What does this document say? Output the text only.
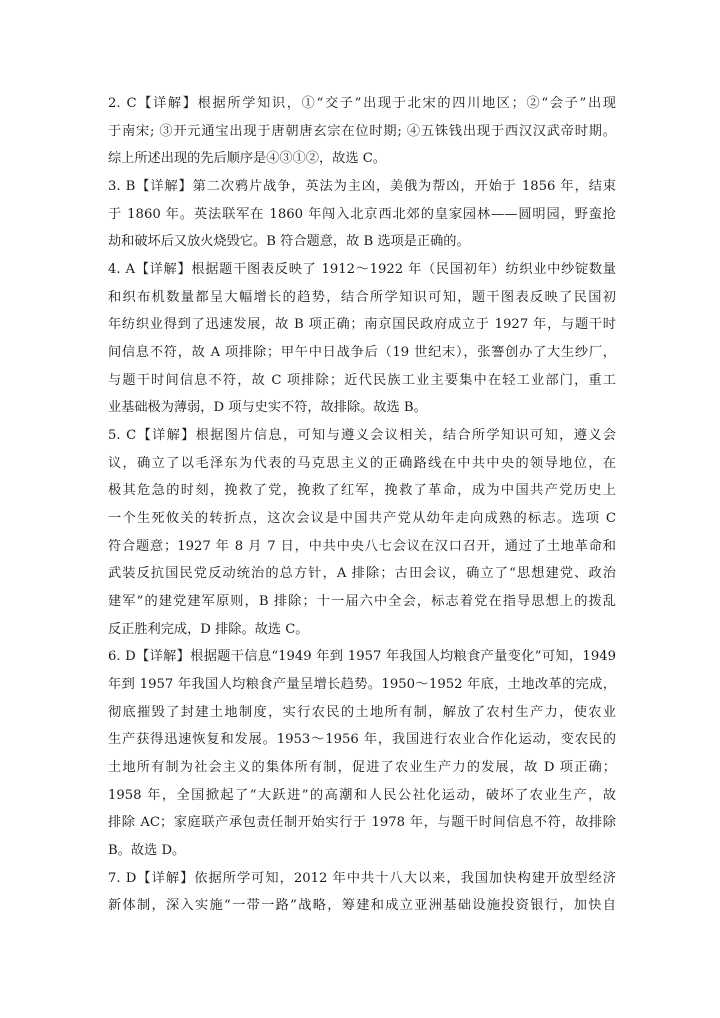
2. C【详解】根据所学知识，①“交子”出现于北宋的四川地区；②“会子”出现
于南宋; ③开元通宝出现于唐朝唐玄宗在位时期; ④五铢钱出现于西汉汉武帝时期。
综上所述出现的先后顺序是④③①②，故选 C。
3. B【详解】第二次鸦片战争，英法为主凶，美俄为帮凶，开始于 1856 年，结束
于 1860 年。英法联军在 1860 年闯入北京西北郊的皇家园林——圆明园，野蛮抢
劫和破坏后又放火烧毁它。B 符合题意，故 B 选项是正确的。
4. A【详解】根据题干图表反映了 1912～1922 年（民国初年）纺织业中纱锭数量
和织布机数量都呈大幅增长的趋势，结合所学知识可知，题干图表反映了民国初
年纺织业得到了迅速发展，故 B 项正确；南京国民政府成立于 1927 年，与题干时
间信息不符，故 A 项排除；甲午中日战争后（19 世纪末），张謇创办了大生纱厂，
与题干时间信息不符，故 C 项排除；近代民族工业主要集中在轻工业部门，重工
业基础极为薄弱，D 项与史实不符，故排除。故选 B。
5. C【详解】根据图片信息，可知与遵义会议相关，结合所学知识可知，遵义会
议，确立了以毛泽东为代表的马克思主义的正确路线在中共中央的领导地位，在
极其危急的时刻，挽救了党，挽救了红军，挽救了革命，成为中国共产党历史上
一个生死攸关的转折点，这次会议是中国共产党从幼年走向成熟的标志。选项 C
符合题意；1927 年 8 月 7 日，中共中央八七会议在汉口召开，通过了土地革命和
武装反抗国民党反动统治的总方针，A 排除；古田会议，确立了“思想建党、政治
建军”的建党建军原则，B 排除；十一届六中全会，标志着党在指导思想上的拨乱
反正胜利完成，D 排除。故选 C。
6. D【详解】根据题干信息“1949 年到 1957 年我国人均粮食产量变化”可知，1949
年到 1957 年我国人均粮食产量呈增长趋势。1950～1952 年底，土地改革的完成，
彻底摧毁了封建土地制度，实行农民的土地所有制，解放了农村生产力，使农业
生产获得迅速恢复和发展。1953～1956 年，我国进行农业合作化运动，变农民的
土地所有制为社会主义的集体所有制，促进了农业生产力的发展，故 D 项正确；
1958 年，全国掀起了“大跃进”的高潮和人民公社化运动，破坏了农业生产，故
排除 AC；家庭联产承包责任制开始实行于 1978 年，与题干时间信息不符，故排除
B。故选 D。
7. D【详解】依据所学可知，2012 年中共十八大以来，我国加快构建开放型经济
新体制，深入实施“一带一路”战略，筹建和成立亚洲基础设施投资银行，加快自
